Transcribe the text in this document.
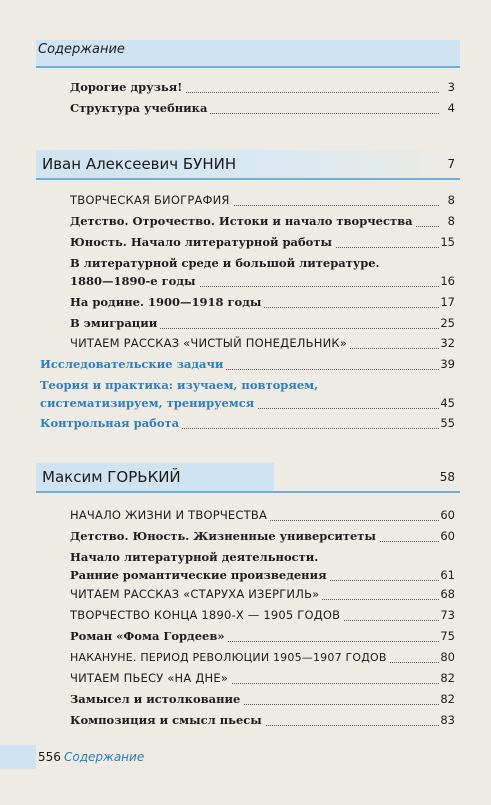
Содержание
Дорогие друзья!	3
Структура учебника	4
Иван Алексеевич БУНИН	7
ТВОРЧЕСКАЯ БИОГРАФИЯ	8
Детство. Отрочество. Истоки и начало творчества	8
Юность. Начало литературной работы	15
В литературной среде и большой литературе.
1880—1890-е годы	16
На родине. 1900—1918 годы	17
В эмиграции	25
ЧИТАЕМ РАССКАЗ «ЧИСТЫЙ ПОНЕДЕЛЬНИК»	32
Исследовательские задачи	39
Теория и практика: изучаем, повторяем,
систематизируем, тренируемся	45
Контрольная работа	55
Максим ГОРЬКИЙ	58
НАЧАЛО ЖИЗНИ И ТВОРЧЕСТВА	60
Детство. Юность. Жизненные университеты	60
Начало литературной деятельности.
Ранние романтические произведения	61
ЧИТАЕМ РАССКАЗ «СТАРУХА ИЗЕРГИЛЬ»	68
ТВОРЧЕСТВО КОНЦА 1890-Х — 1905 ГОДОВ	73
Роман «Фома Гордеев»	75
НАКАНУНЕ. ПЕРИОД РЕВОЛЮЦИИ 1905—1907 ГОДОВ	80
ЧИТАЕМ ПЬЕСУ «НА ДНЕ»	82
Замысел и истолкование	82
Композиция и смысл пьесы	83
556 Содержание
